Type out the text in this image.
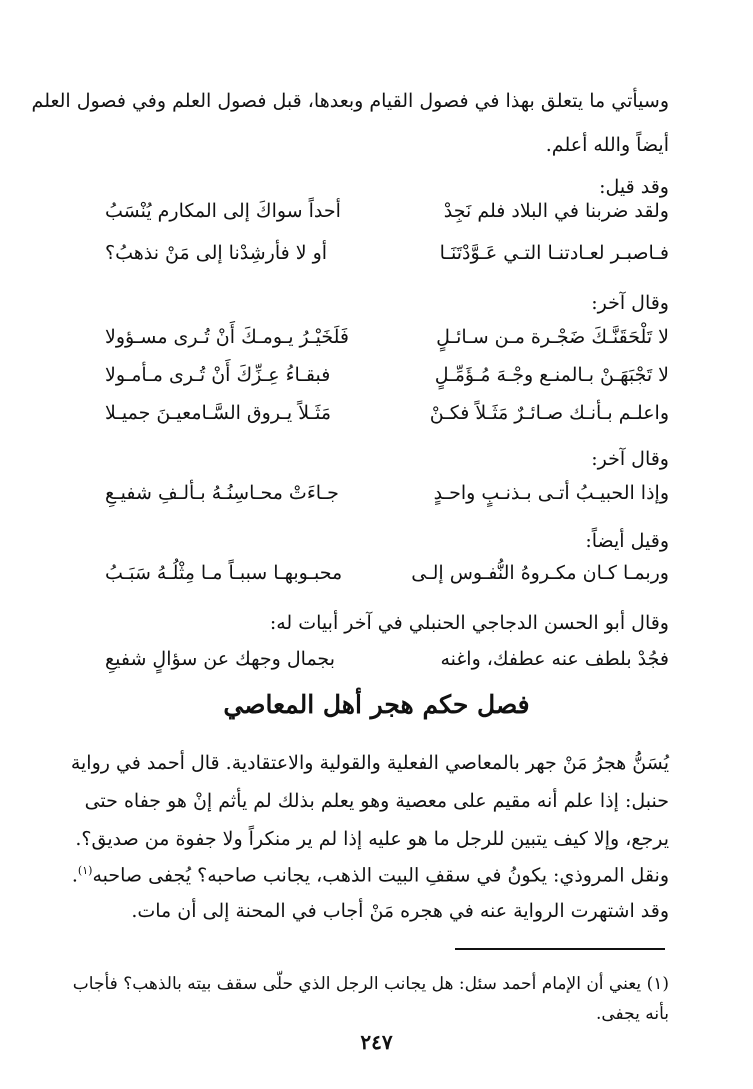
وسيأتي ما يتعلق بهذا في فصول القيام وبعدها، قبل فصول العلم وفي فصول العلم
أيضاً والله أعلم.
وقد قيل:
ولقد ضربنا في البلاد فلم نَجِدْ
أحداً سواكَ إلى المكارم يُنْسَبُ
فـاصبـر لعـادتنـا التـي عَـوَّدْتَنَـا
أو لا فأرشِدْنا إلى مَنْ نذهبُ؟
وقال آخر:
لا تَلْحَقَنَّـكَ ضَجْـرة مـن سـائـلٍ
فَلَخَيْـرُ يـومـكَ أَنْ تُـرى مسـؤولا
لا تَجْبَهَـنْ بـالمنـع وجْـهَ مُـؤَمِّـلٍ
فبقـاءُ عِـزِّكَ أَنْ تُـرى مـأمـولا
واعلـم بـأنـك صـائـرٌ مَثَـلاً فكـنْ
مَثَـلاً يـروق السَّـامعيـنَ جميـلا
وقال آخر:
وإذا الحبيـبُ أتـى بـذنـبٍ واحـدٍ
جـاءَتْ محـاسِنُـهُ بـألـفِ شفيـعِ
وقيل أيضاً:
وربمـا كـان مكـروهُ النُّفـوس إلـى
محبـوبهـا سببـاً مـا مِثْلُـهُ سَبَـبُ
وقال أبو الحسن الدجاجي الحنبلي في آخر أبيات له:
فجُدْ بلطف عنه عطفك، واغنه
بجمال وجهك عن سؤالٍ شفيعِ
فصل حكم هجر أهل المعاصي
يُسَنُّ هجرُ مَنْ جهر بالمعاصي الفعلية والقولية والاعتقادية. قال أحمد في رواية
حنبل: إذا علم أنه مقيم على معصية وهو يعلم بذلك لم يأثم إنْ هو جفاه حتى
يرجع، وإلا كيف يتبين للرجل ما هو عليه إذا لم ير منكراً ولا جفوة من صديق؟.
ونقل المروذي: يكونُ في سقفِ البيت الذهب، يجانب صاحبه؟ يُجفى صاحبه$^{(١)}$.
وقد اشتهرت الرواية عنه في هجره مَنْ أجاب في المحنة إلى أن مات.
(١) يعني أن الإمام أحمد سئل: هل يجانب الرجل الذي حلّى سقف بيته بالذهب؟ فأجاب
بأنه يجفى.
٢٤٧
